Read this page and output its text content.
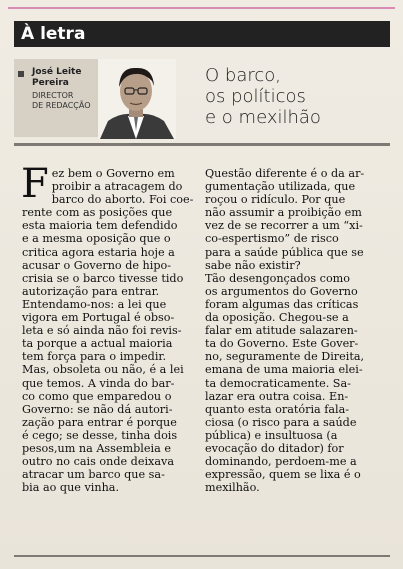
À letra
José Leite
Pereira
DIRECTOR
DE REDACÇÃO
O barco,
os políticos
e o mexilhão
F ez bem o Governo em
proibir a atracagem do
barco do aborto. Foi coe-
rente com as posições que
esta maioria tem defendido
e a mesma oposição que o
critica agora estaria hoje a
acusar o Governo de hipo-
crisia se o barco tivesse tido
autorização para entrar.
Entendamo-nos: a lei que
vigora em Portugal é obso-
leta e só ainda não foi revis-
ta porque a actual maioria
tem força para o impedir.
Mas, obsoleta ou não, é a lei
que temos. A vinda do bar-
co como que emparedou o
Governo: se não dá autori-
zação para entrar é porque
é cego; se desse, tinha dois
pesos,um na Assembleia e
outro no cais onde deixava
atracar um barco que sa-
bia ao que vinha.
Questão diferente é o da ar-
gumentação utilizada, que
roçou o ridículo. Por que
não assumir a proibição em
vez de se recorrer a um “xi-
co-espertismo” de risco
para a saúde pública que se
sabe não existir?
Tão desengonçados como
os argumentos do Governo
foram algumas das críticas
da oposição. Chegou-se a
falar em atitude salazaren-
ta do Governo. Este Gover-
no, seguramente de Direita,
emana de uma maioria elei-
ta democraticamente. Sa-
lazar era outra coisa. En-
quanto esta oratória fala-
ciosa (o risco para a saúde
pública) e insultuosa (a
evocação do ditador) for
dominando, perdoem-me a
expressão, quem se lixa é o
mexilhão.
